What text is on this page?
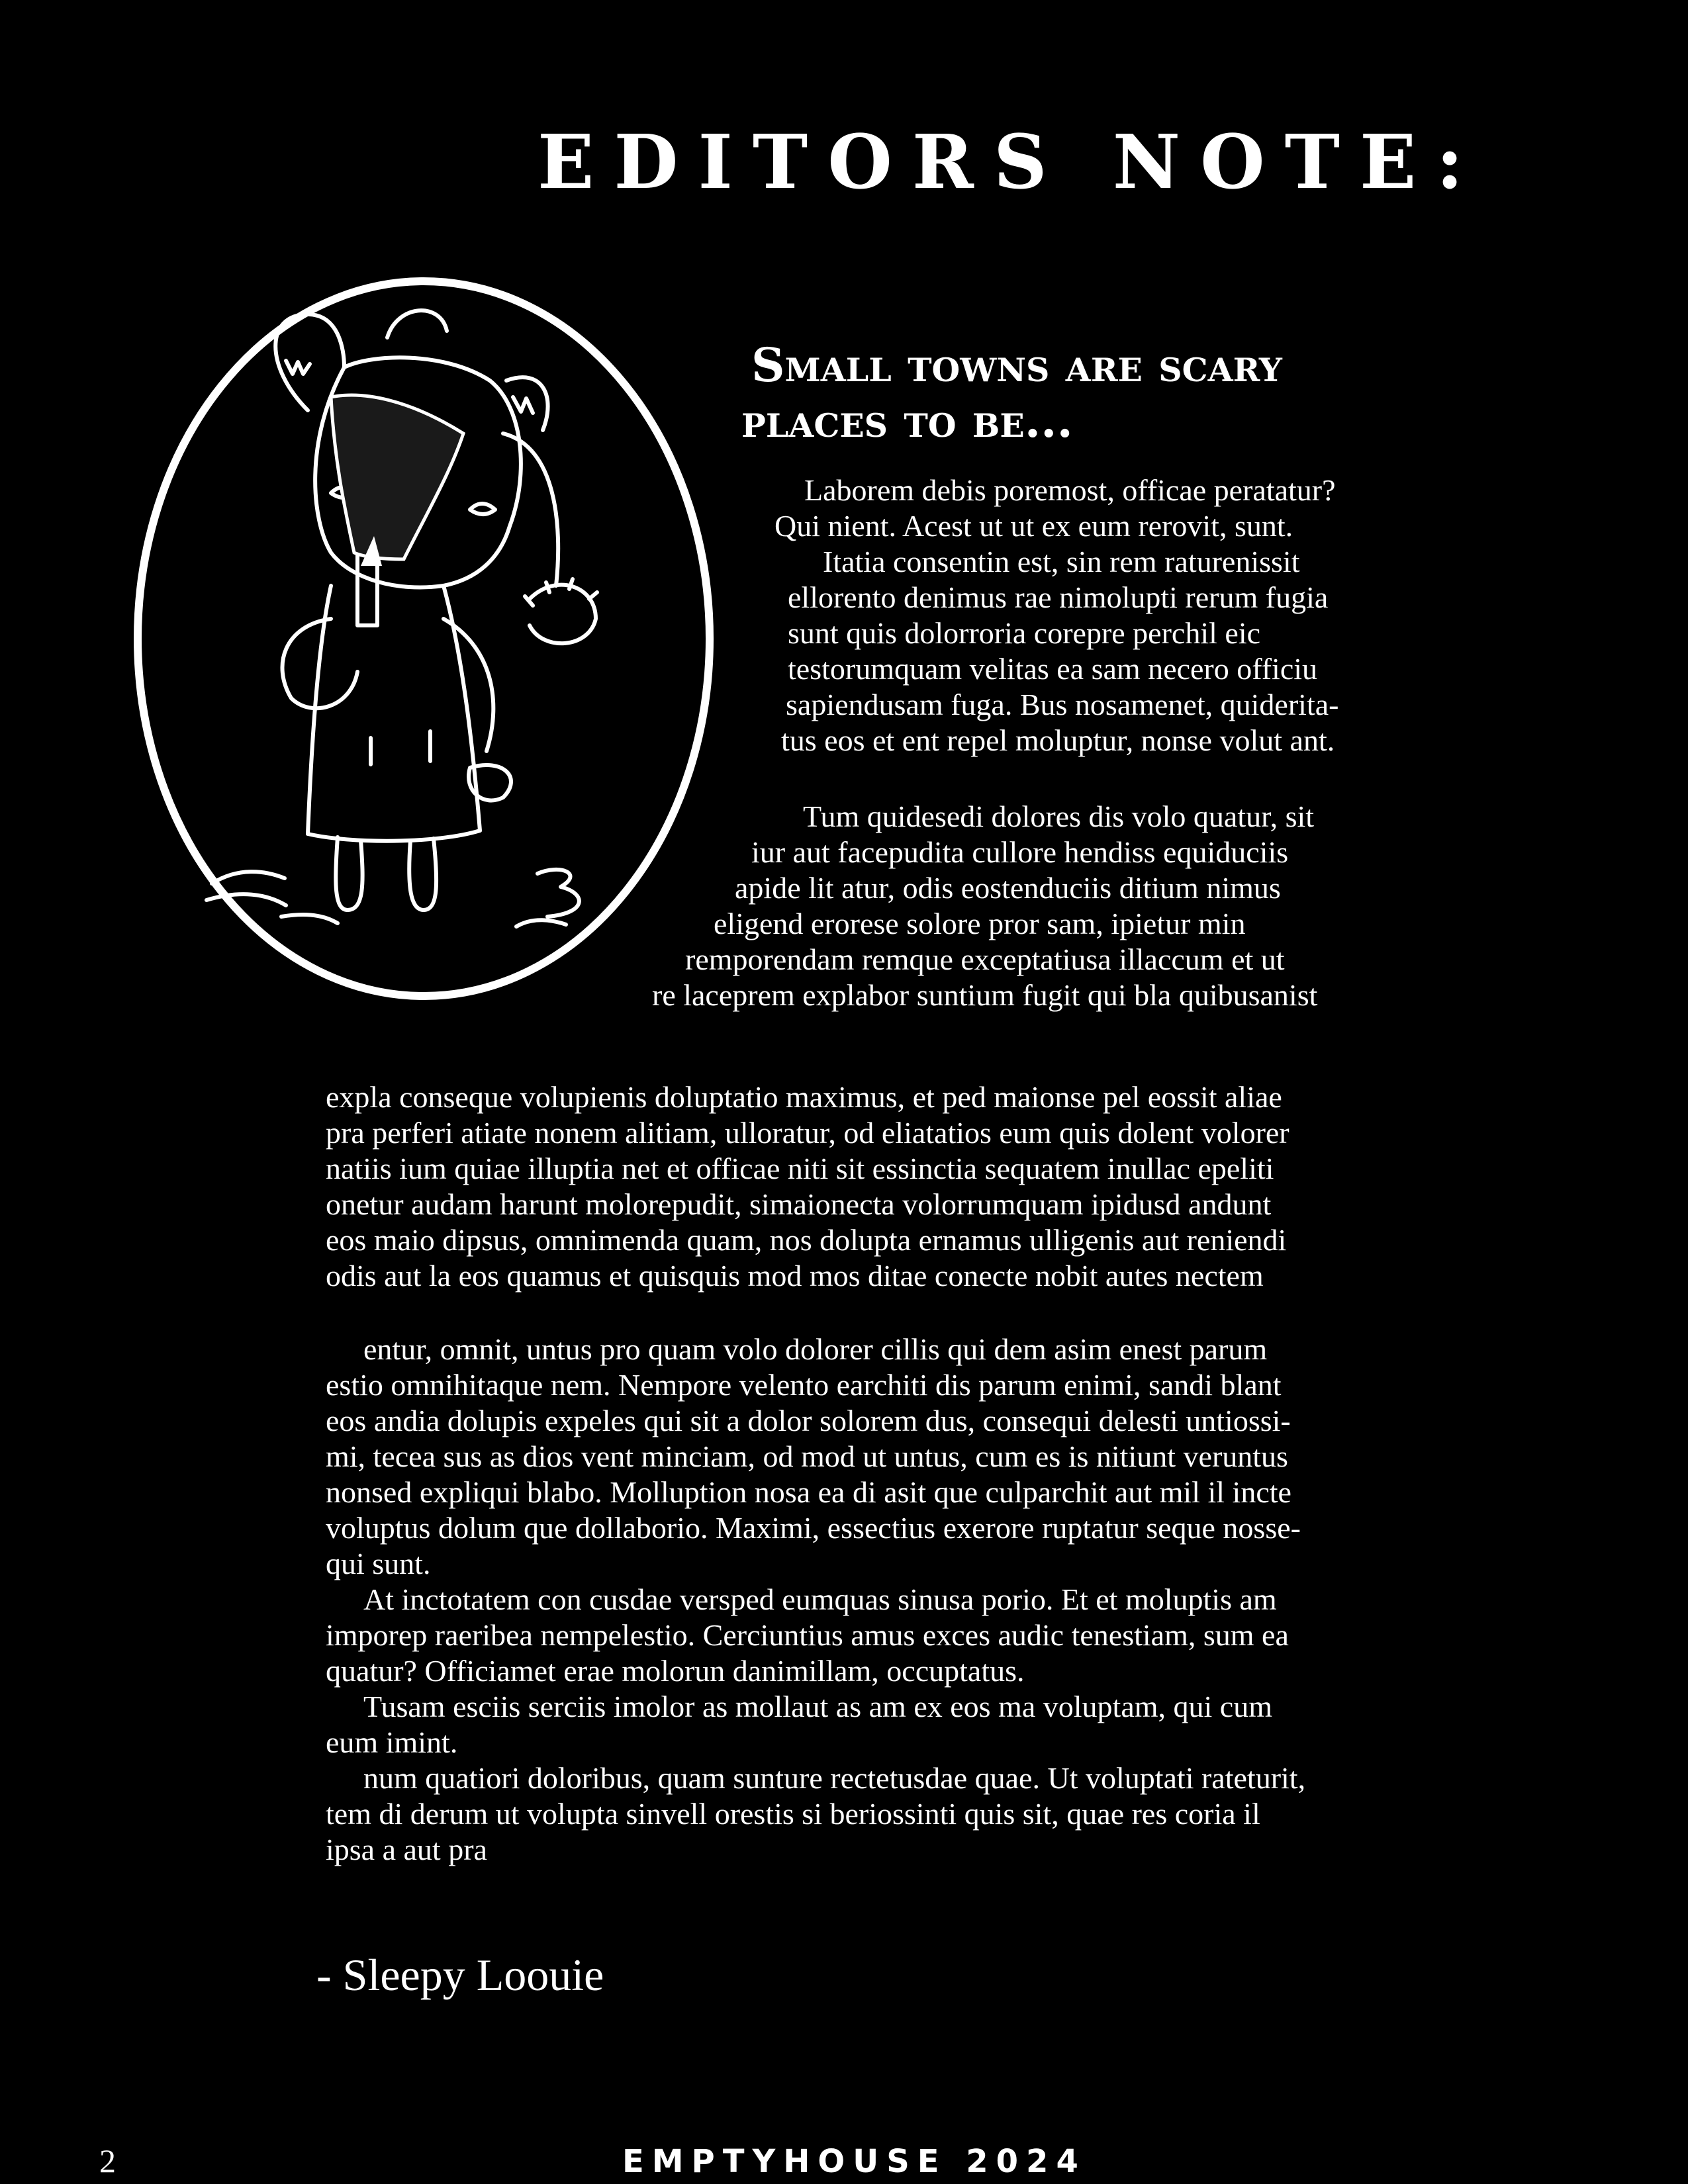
EDITORS NOTE:
Small towns are scary
places to be...
Laborem debis poremost, officae peratatur?
Qui nient. Acest ut ut ex eum rerovit, sunt.
Itatia consentin est, sin rem raturenissit
ellorento denimus rae nimolupti rerum fugia
sunt quis dolorroria corepre perchil eic
testorumquam velitas ea sam necero officiu
sapiendusam fuga. Bus nosamenet, quiderita-
tus eos et ent repel moluptur, nonse volut ant.
Tum quidesedi dolores dis volo quatur, sit
iur aut facepudita cullore hendiss equiduciis
apide lit atur, odis eostenduciis ditium nimus
eligend erorese solore pror sam, ipietur min
remporendam remque exceptatiusa illaccum et ut
re laceprem explabor suntium fugit qui bla quibusanist
expla conseque volupienis doluptatio maximus, et ped maionse pel eossit aliae
pra perferi atiate nonem alitiam, ulloratur, od eliatatios eum quis dolent volorer
natiis ium quiae illuptia net et officae niti sit essinctia sequatem inullac epeliti
onetur audam harunt molorepudit, simaionecta volorrumquam ipidusd andunt
eos maio dipsus, omnimenda quam, nos dolupta ernamus ulligenis aut reniendi
odis aut la eos quamus et quisquis mod mos ditae conecte nobit autes nectem
entur, omnit, untus pro quam volo dolorer cillis qui dem asim enest parum
estio omnihitaque nem. Nempore velento earchiti dis parum enimi, sandi blant
eos andia dolupis expeles qui sit a dolor solorem dus, consequi delesti untiossi-
mi, tecea sus as dios vent minciam, od mod ut untus, cum es is nitiunt veruntus
nonsed expliqui blabo. Molluption nosa ea di asit que culparchit aut mil il incte
voluptus dolum que dollaborio. Maximi, essectius exerore ruptatur seque nosse-
qui sunt.
At inctotatem con cusdae versped eumquas sinusa porio. Et et moluptis am
imporep raeribea nempelestio. Cerciuntius amus exces audic tenestiam, sum ea
quatur? Officiamet erae molorun danimillam, occuptatus.
Tusam esciis serciis imolor as mollaut as am ex eos ma voluptam, qui cum
eum imint.
num quatiori doloribus, quam sunture rectetusdae quae. Ut voluptati rateturit,
tem di derum ut volupta sinvell orestis si beriossinti quis sit, quae res coria il
ipsa a aut pra
- Sleepy Loouie
2	EMPTYHOUSE 2024
